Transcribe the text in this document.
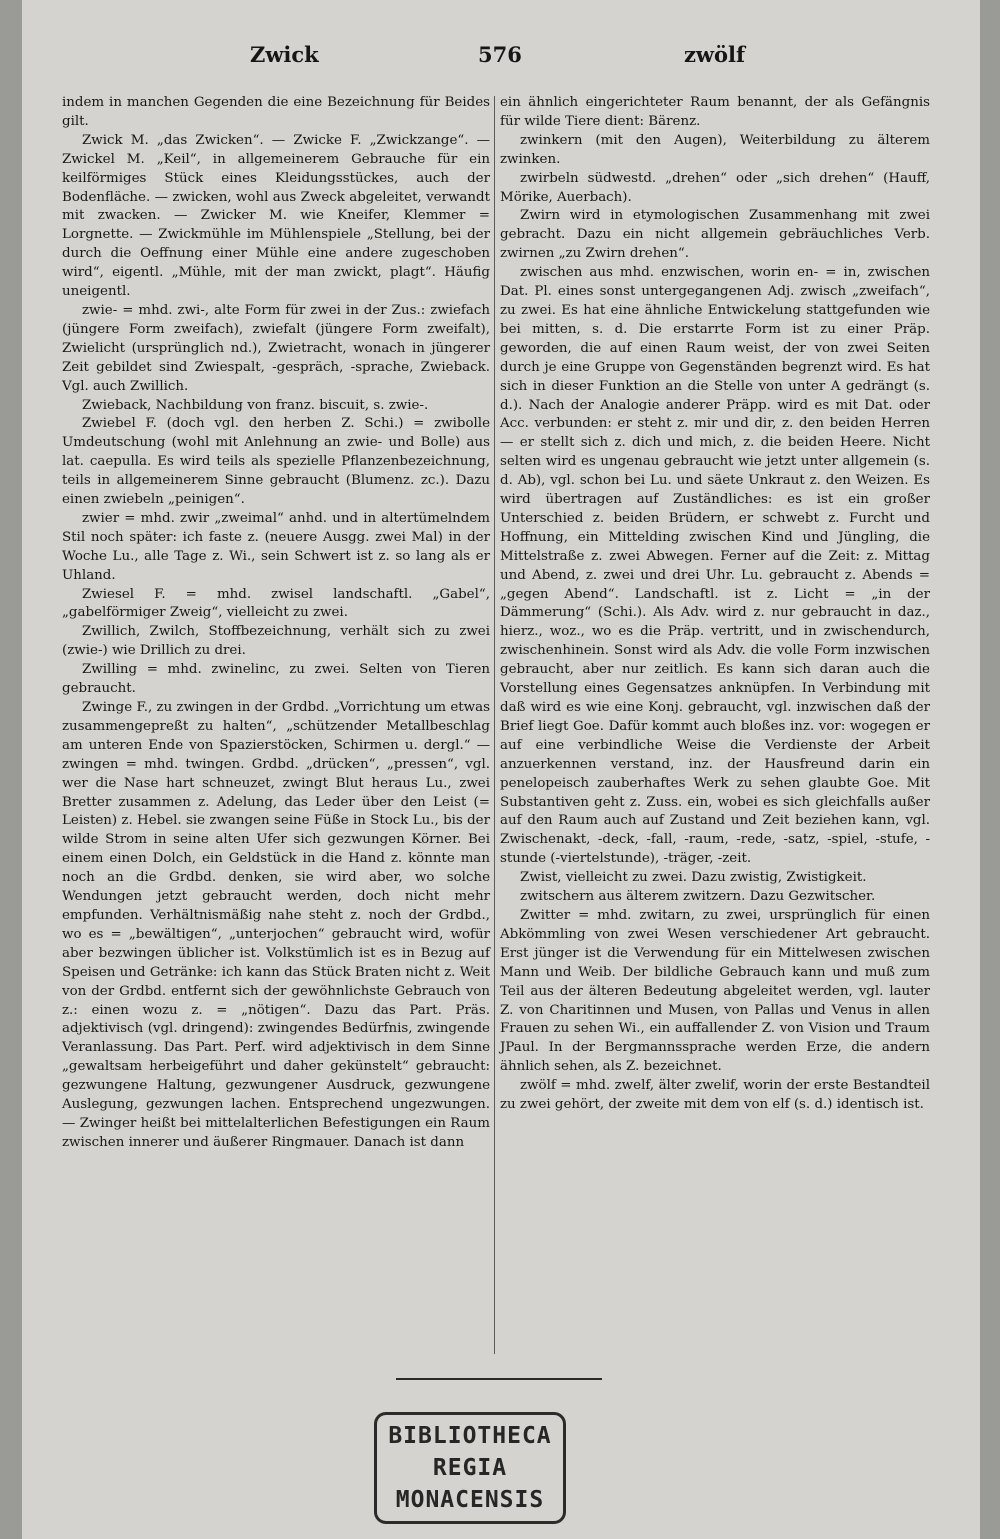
Zwick	576	zwölf

indem in manchen Gegenden die eine Bezeichnung für Beides gilt.

Zwick M. „das Zwicken“. — Zwicke F. „Zwickzange“. — Zwickel M. „Keil“, in allgemeinerem Gebrauche für ein keilförmiges Stück eines Kleidungsstückes, auch der Bodenfläche. — zwicken, wohl aus Zweck abgeleitet, verwandt mit zwacken. — Zwicker M. wie Kneifer, Klemmer = Lorgnette. — Zwickmühle im Mühlenspiele „Stellung, bei der durch die Oeffnung einer Mühle eine andere zugeschoben wird“, eigentl. „Mühle, mit der man zwickt, plagt“. Häufig uneigentl.

zwie- = mhd. zwi-, alte Form für zwei in der Zus.: zwiefach (jüngere Form zweifach), zwiefalt (jüngere Form zweifalt), Zwielicht (ursprünglich nd.), Zwietracht, wonach in jüngerer Zeit gebildet sind Zwiespalt, -gespräch, -sprache, Zwieback. Vgl. auch Zwillich.

Zwieback, Nachbildung von franz. biscuit, s. zwie-.

Zwiebel F. (doch vgl. den herben Z. Schi.) = zwibolle Umdeutschung (wohl mit Anlehnung an zwie- und Bolle) aus lat. caepulla. Es wird teils als spezielle Pflanzenbezeichnung, teils in allgemeinerem Sinne gebraucht (Blumenz. zc.). Dazu einen zwiebeln „peinigen“.

zwier = mhd. zwir „zweimal“ anhd. und in altertümelndem Stil noch später: ich faste z. (neuere Ausgg. zwei Mal) in der Woche Lu., alle Tage z. Wi., sein Schwert ist z. so lang als er Uhland.

Zwiesel F. = mhd. zwisel landschaftl. „Gabel“, „gabelförmiger Zweig“, vielleicht zu zwei.

Zwillich, Zwilch, Stoffbezeichnung, verhält sich zu zwei (zwie-) wie Drillich zu drei.

Zwilling = mhd. zwinelinc, zu zwei. Selten von Tieren gebraucht.

Zwinge F., zu zwingen in der Grdbd. „Vorrichtung um etwas zusammengepreßt zu halten“, „schützender Metallbeschlag am unteren Ende von Spazierstöcken, Schirmen u. dergl.“ — zwingen = mhd. twingen. Grdbd. „drücken“, „pressen“, vgl. wer die Nase hart schneuzet, zwingt Blut heraus Lu., zwei Bretter zusammen z. Adelung, das Leder über den Leist (= Leisten) z. Hebel. sie zwangen seine Füße in Stock Lu., bis der wilde Strom in seine alten Ufer sich gezwungen Körner. Bei einem einen Dolch, ein Geldstück in die Hand z. könnte man noch an die Grdbd. denken, sie wird aber, wo solche Wendungen jetzt gebraucht werden, doch nicht mehr empfunden. Verhältnismäßig nahe steht z. noch der Grdbd., wo es = „bewältigen“, „unterjochen“ gebraucht wird, wofür aber bezwingen üblicher ist. Volkstümlich ist es in Bezug auf Speisen und Getränke: ich kann das Stück Braten nicht z. Weit von der Grdbd. entfernt sich der gewöhnlichste Gebrauch von z.: einen wozu z. = „nötigen“. Dazu das Part. Präs. adjektivisch (vgl. dringend): zwingendes Bedürfnis, zwingende Veranlassung. Das Part. Perf. wird adjektivisch in dem Sinne „gewaltsam herbeigeführt und daher gekünstelt“ gebraucht: gezwungene Haltung, gezwungener Ausdruck, gezwungene Auslegung, gezwungen lachen. Entsprechend ungezwungen. — Zwinger heißt bei mittelalterlichen Befestigungen ein Raum zwischen innerer und äußerer Ringmauer. Danach ist dann

ein ähnlich eingerichteter Raum benannt, der als Gefängnis für wilde Tiere dient: Bärenz.

zwinkern (mit den Augen), Weiterbildung zu älterem zwinken.

zwirbeln südwestd. „drehen“ oder „sich drehen“ (Hauff, Mörike, Auerbach).

Zwirn wird in etymologischen Zusammenhang mit zwei gebracht. Dazu ein nicht allgemein gebräuchliches Verb. zwirnen „zu Zwirn drehen“.

zwischen aus mhd. enzwischen, worin en- = in, zwischen Dat. Pl. eines sonst untergegangenen Adj. zwisch „zweifach“, zu zwei. Es hat eine ähnliche Entwickelung stattgefunden wie bei mitten, s. d. Die erstarrte Form ist zu einer Präp. geworden, die auf einen Raum weist, der von zwei Seiten durch je eine Gruppe von Gegenständen begrenzt wird. Es hat sich in dieser Funktion an die Stelle von unter A gedrängt (s. d.). Nach der Analogie anderer Präpp. wird es mit Dat. oder Acc. verbunden: er steht z. mir und dir, z. den beiden Herren — er stellt sich z. dich und mich, z. die beiden Heere. Nicht selten wird es ungenau gebraucht wie jetzt unter allgemein (s. d. Ab), vgl. schon bei Lu. und säete Unkraut z. den Weizen. Es wird übertragen auf Zuständliches: es ist ein großer Unterschied z. beiden Brüdern, er schwebt z. Furcht und Hoffnung, ein Mittelding zwischen Kind und Jüngling, die Mittelstraße z. zwei Abwegen. Ferner auf die Zeit: z. Mittag und Abend, z. zwei und drei Uhr. Lu. gebraucht z. Abends = „gegen Abend“. Landschaftl. ist z. Licht = „in der Dämmerung“ (Schi.). Als Adv. wird z. nur gebraucht in daz., hierz., woz., wo es die Präp. vertritt, und in zwischendurch, zwischenhinein. Sonst wird als Adv. die volle Form inzwischen gebraucht, aber nur zeitlich. Es kann sich daran auch die Vorstellung eines Gegensatzes anknüpfen. In Verbindung mit daß wird es wie eine Konj. gebraucht, vgl. inzwischen daß der Brief liegt Goe. Dafür kommt auch bloßes inz. vor: wogegen er auf eine verbindliche Weise die Verdienste der Arbeit anzuerkennen verstand, inz. der Hausfreund darin ein penelopeisch zauberhaftes Werk zu sehen glaubte Goe. Mit Substantiven geht z. Zuss. ein, wobei es sich gleichfalls außer auf den Raum auch auf Zustand und Zeit beziehen kann, vgl. Zwischenakt, -deck, -fall, -raum, -rede, -satz, -spiel, -stufe, -stunde (-viertelstunde), -träger, -zeit.

Zwist, vielleicht zu zwei. Dazu zwistig, Zwistigkeit.

zwitschern aus älterem zwitzern. Dazu Gezwitscher.

Zwitter = mhd. zwitarn, zu zwei, ursprünglich für einen Abkömmling von zwei Wesen verschiedener Art gebraucht. Erst jünger ist die Verwendung für ein Mittelwesen zwischen Mann und Weib. Der bildliche Gebrauch kann und muß zum Teil aus der älteren Bedeutung abgeleitet werden, vgl. lauter Z. von Charitinnen und Musen, von Pallas und Venus in allen Frauen zu sehen Wi., ein auffallender Z. von Vision und Traum JPaul. In der Bergmannssprache werden Erze, die andern ähnlich sehen, als Z. bezeichnet.

zwölf = mhd. zwelf, älter zwelif, worin der erste Bestandteil zu zwei gehört, der zweite mit dem von elf (s. d.) identisch ist.

BIBLIOTHECA
REGIA
MONACENSIS
